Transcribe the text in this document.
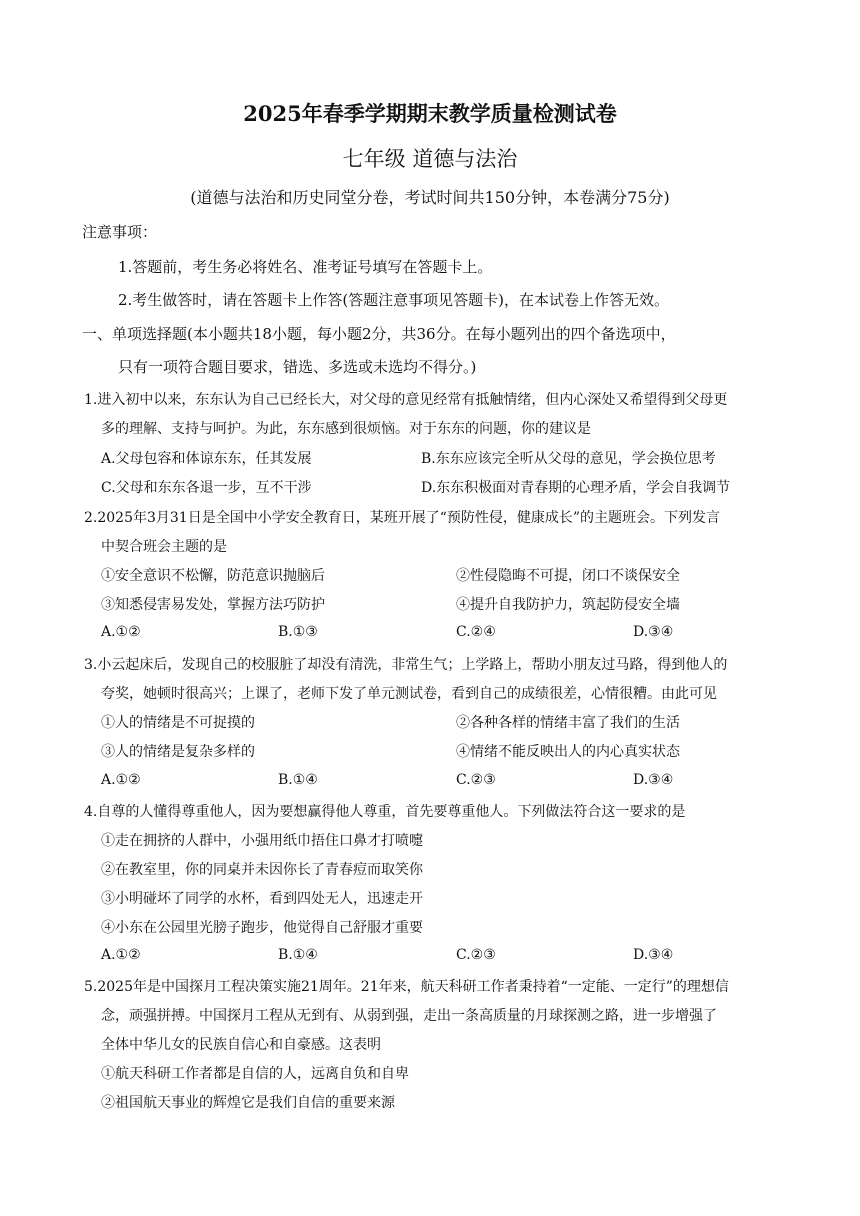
2025年春季学期期末教学质量检测试卷
七年级 道德与法治
(道德与法治和历史同堂分卷，考试时间共150分钟，本卷满分75分)
注意事项：
1.答题前，考生务必将姓名、准考证号填写在答题卡上。
2.考生做答时，请在答题卡上作答(答题注意事项见答题卡)，在本试卷上作答无效。
一、单项选择题(本小题共18小题，每小题2分，共36分。在每小题列出的四个备选项中，
只有一项符合题目要求，错选、多选或未选均不得分。)
1.进入初中以来，东东认为自己已经长大，对父母的意见经常有抵触情绪，但内心深处又希望得到父母更
多的理解、支持与呵护。为此，东东感到很烦恼。对于东东的问题，你的建议是
A.父母包容和体谅东东，任其发展	B.东东应该完全听从父母的意见，学会换位思考
C.父母和东东各退一步，互不干涉	D.东东积极面对青春期的心理矛盾，学会自我调节
2.2025年3月31日是全国中小学安全教育日，某班开展了“预防性侵，健康成长”的主题班会。下列发言
中契合班会主题的是
①安全意识不松懈，防范意识抛脑后	②性侵隐晦不可提，闭口不谈保安全
③知悉侵害易发处，掌握方法巧防护	④提升自我防护力，筑起防侵安全墙
A.①②	B.①③	C.②④	D.③④
3.小云起床后，发现自己的校服脏了却没有清洗，非常生气；上学路上，帮助小朋友过马路，得到他人的
夸奖，她顿时很高兴；上课了，老师下发了单元测试卷，看到自己的成绩很差，心情很糟。由此可见
①人的情绪是不可捉摸的	②各种各样的情绪丰富了我们的生活
③人的情绪是复杂多样的	④情绪不能反映出人的内心真实状态
A.①②	B.①④	C.②③	D.③④
4.自尊的人懂得尊重他人，因为要想赢得他人尊重，首先要尊重他人。下列做法符合这一要求的是
①走在拥挤的人群中，小强用纸巾捂住口鼻才打喷嚏
②在教室里，你的同桌并未因你长了青春痘而取笑你
③小明碰坏了同学的水杯，看到四处无人，迅速走开
④小东在公园里光膀子跑步，他觉得自己舒服才重要
A.①②	B.①④	C.②③	D.③④
5.2025年是中国探月工程决策实施21周年。21年来，航天科研工作者秉持着“一定能、一定行”的理想信
念，顽强拼搏。中国探月工程从无到有、从弱到强，走出一条高质量的月球探测之路，进一步增强了
全体中华儿女的民族自信心和自豪感。这表明
①航天科研工作者都是自信的人，远离自负和自卑
②祖国航天事业的辉煌它是我们自信的重要来源
